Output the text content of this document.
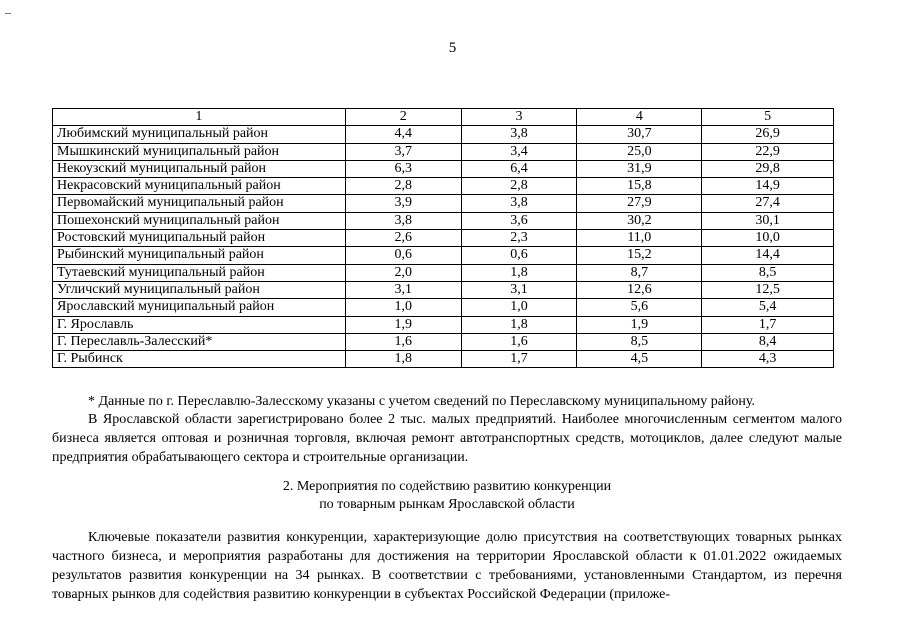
5
1	2	3	4	5
Любимский муниципальный район	4,4	3,8	30,7	26,9
Мышкинский муниципальный район	3,7	3,4	25,0	22,9
Некоузский муниципальный район	6,3	6,4	31,9	29,8
Некрасовский муниципальный район	2,8	2,8	15,8	14,9
Первомайский муниципальный район	3,9	3,8	27,9	27,4
Пошехонский муниципальный район	3,8	3,6	30,2	30,1
Ростовский муниципальный район	2,6	2,3	11,0	10,0
Рыбинский муниципальный район	0,6	0,6	15,2	14,4
Тутаевский муниципальный район	2,0	1,8	8,7	8,5
Угличский муниципальный район	3,1	3,1	12,6	12,5
Ярославский муниципальный район	1,0	1,0	5,6	5,4
Г. Ярославль	1,9	1,8	1,9	1,7
Г. Переславль-Залесский*	1,6	1,6	8,5	8,4
Г. Рыбинск	1,8	1,7	4,5	4,3

* Данные по г. Переславлю-Залесскому указаны с учетом сведений по Переславскому муниципальному району.

В Ярославской области зарегистрировано более 2 тыс. малых предприятий. Наиболее многочисленным сегментом малого бизнеса является оптовая и розничная торговля, включая ремонт автотранспортных средств, мотоциклов, далее следуют малые предприятия обрабатывающего сектора и строительные организации.

2. Мероприятия по содействию развитию конкуренции
по товарным рынкам Ярославской области

Ключевые показатели развития конкуренции, характеризующие долю присутствия на соответствующих товарных рынках частного бизнеса, и мероприятия разработаны для достижения на территории Ярославской области к 01.01.2022 ожидаемых результатов развития конкуренции на 34 рынках. В соответствии с требованиями, установленными Стандартом, из перечня товарных рынков для содействия развитию конкуренции в субъектах Российской Федерации (приложе-
